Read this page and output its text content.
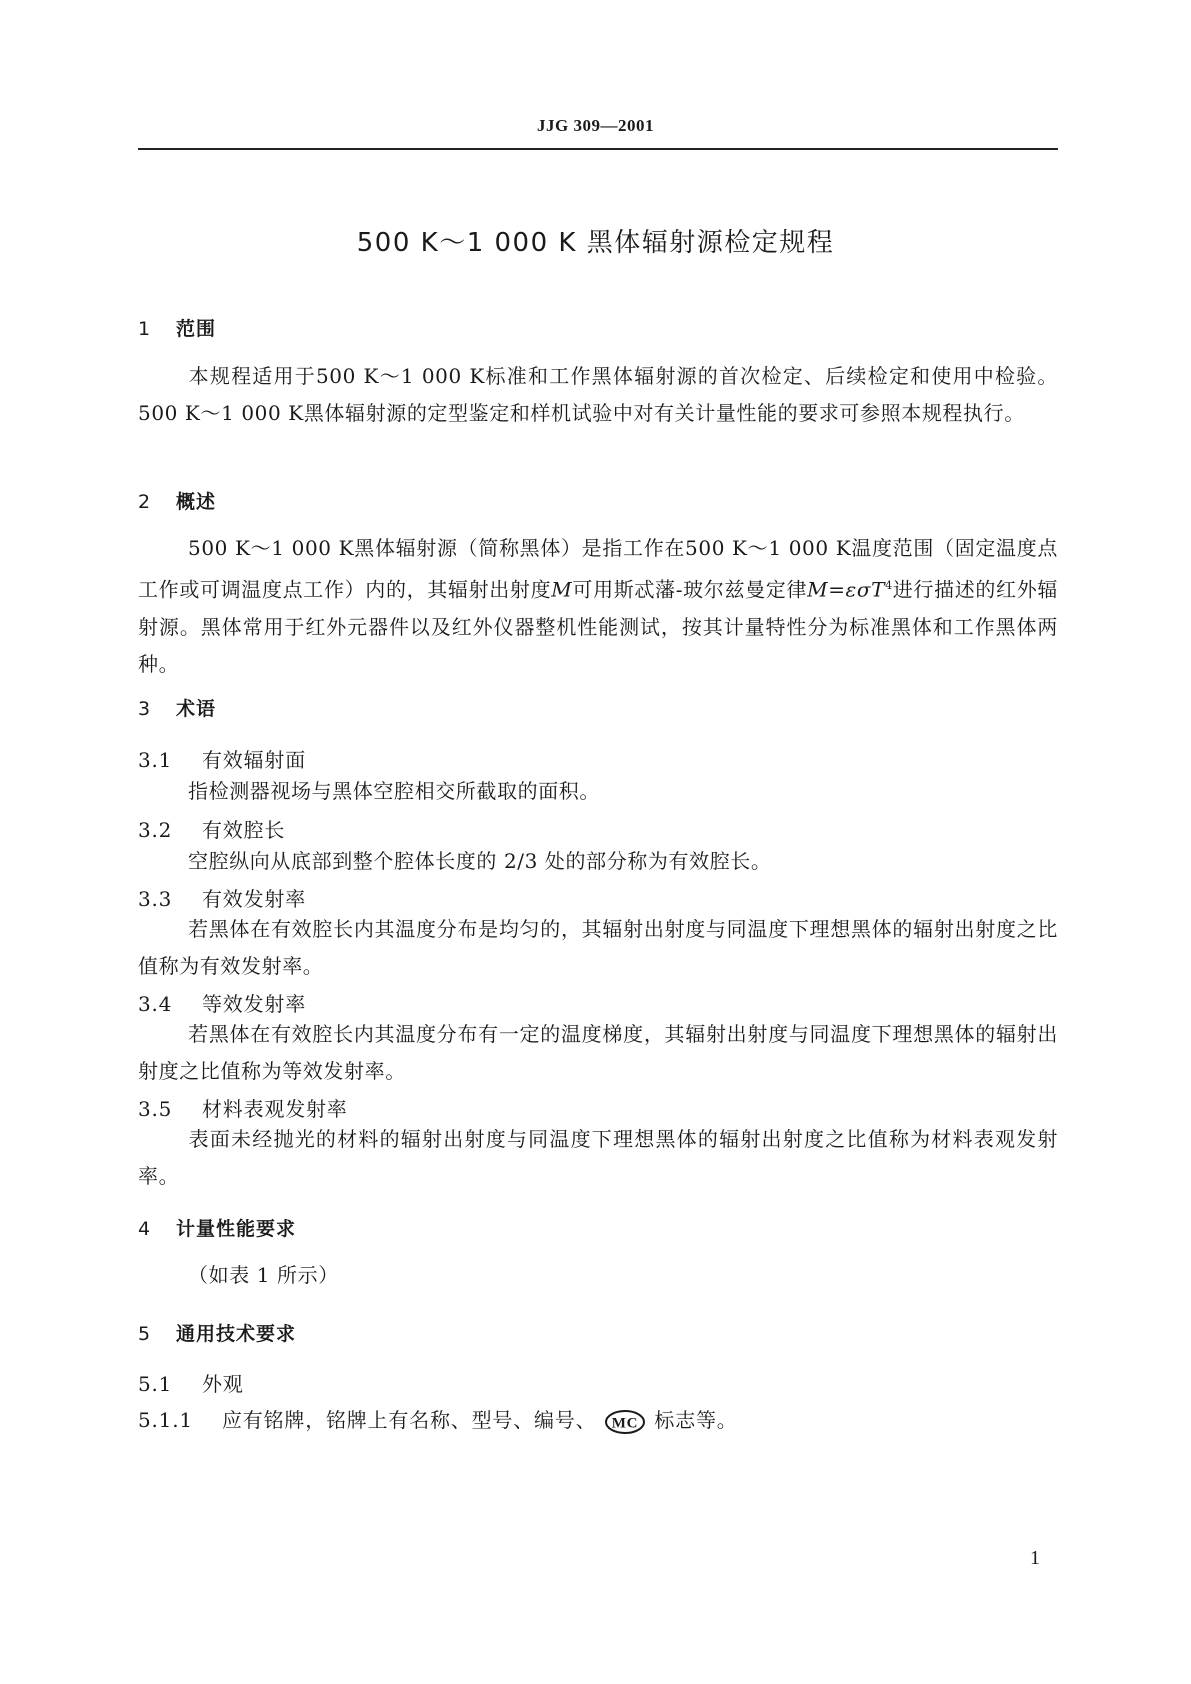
JJG 309—2001
500 K～1 000 K 黑体辐射源检定规程
1 范围
本规程适用于500 K～1 000 K标准和工作黑体辐射源的首次检定、后续检定和使用中检验。500 K～1 000 K黑体辐射源的定型鉴定和样机试验中对有关计量性能的要求可参照本规程执行。
2 概述
500 K～1 000 K黑体辐射源（简称黑体）是指工作在500 K～1 000 K温度范围（固定温度点工作或可调温度点工作）内的，其辐射出射度M可用斯忒藩-玻尔兹曼定律M=εσT$^4$进行描述的红外辐射源。黑体常用于红外元器件以及红外仪器整机性能测试，按其计量特性分为标准黑体和工作黑体两种。
3 术语
3.1 有效辐射面
指检测器视场与黑体空腔相交所截取的面积。
3.2 有效腔长
空腔纵向从底部到整个腔体长度的 2/3 处的部分称为有效腔长。
3.3 有效发射率
若黑体在有效腔长内其温度分布是均匀的，其辐射出射度与同温度下理想黑体的辐射出射度之比值称为有效发射率。
3.4 等效发射率
若黑体在有效腔长内其温度分布有一定的温度梯度，其辐射出射度与同温度下理想黑体的辐射出射度之比值称为等效发射率。
3.5 材料表观发射率
表面未经抛光的材料的辐射出射度与同温度下理想黑体的辐射出射度之比值称为材料表观发射率。
4 计量性能要求
（如表 1 所示）
5 通用技术要求
5.1 外观
5.1.1 应有铭牌，铭牌上有名称、型号、编号、 MC 标志等。
1
